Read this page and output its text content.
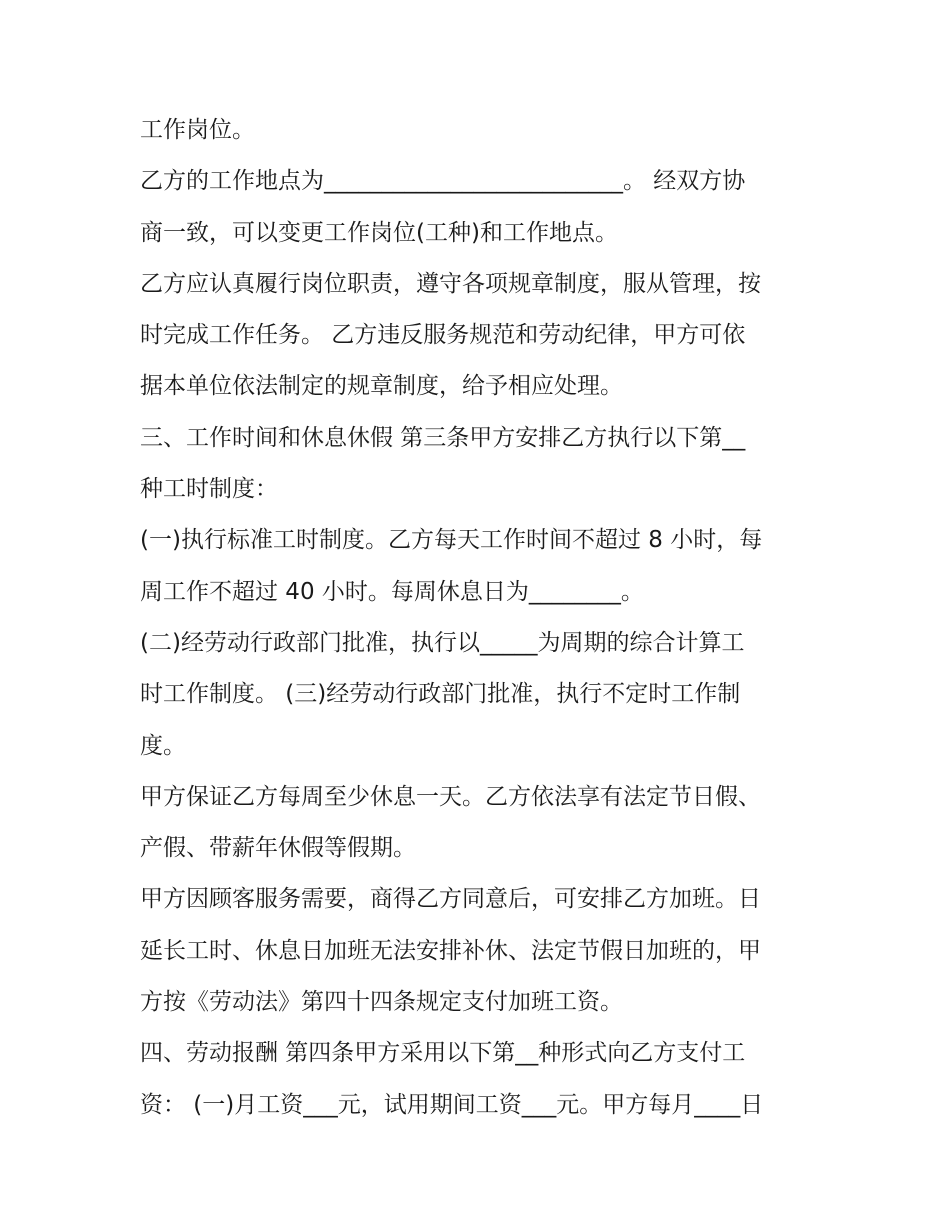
工作岗位。
乙方的工作地点为__________________________。 经双方协
商一致，可以变更工作岗位(工种)和工作地点。
乙方应认真履行岗位职责，遵守各项规章制度，服从管理，按
时完成工作任务。 乙方违反服务规范和劳动纪律，甲方可依
据本单位依法制定的规章制度，给予相应处理。
三、工作时间和休息休假 第三条甲方安排乙方执行以下第__
种工时制度：
(一)执行标准工时制度。乙方每天工作时间不超过 8 小时，每
周工作不超过 40 小时。每周休息日为________。
(二)经劳动行政部门批准，执行以_____为周期的综合计算工
时工作制度。 (三)经劳动行政部门批准，执行不定时工作制
度。
甲方保证乙方每周至少休息一天。乙方依法享有法定节日假、
产假、带薪年休假等假期。
甲方因顾客服务需要，商得乙方同意后，可安排乙方加班。日
延长工时、休息日加班无法安排补休、法定节假日加班的，甲
方按《劳动法》第四十四条规定支付加班工资。
四、劳动报酬 第四条甲方采用以下第__种形式向乙方支付工
资： (一)月工资___元，试用期间工资___元。甲方每月____日
